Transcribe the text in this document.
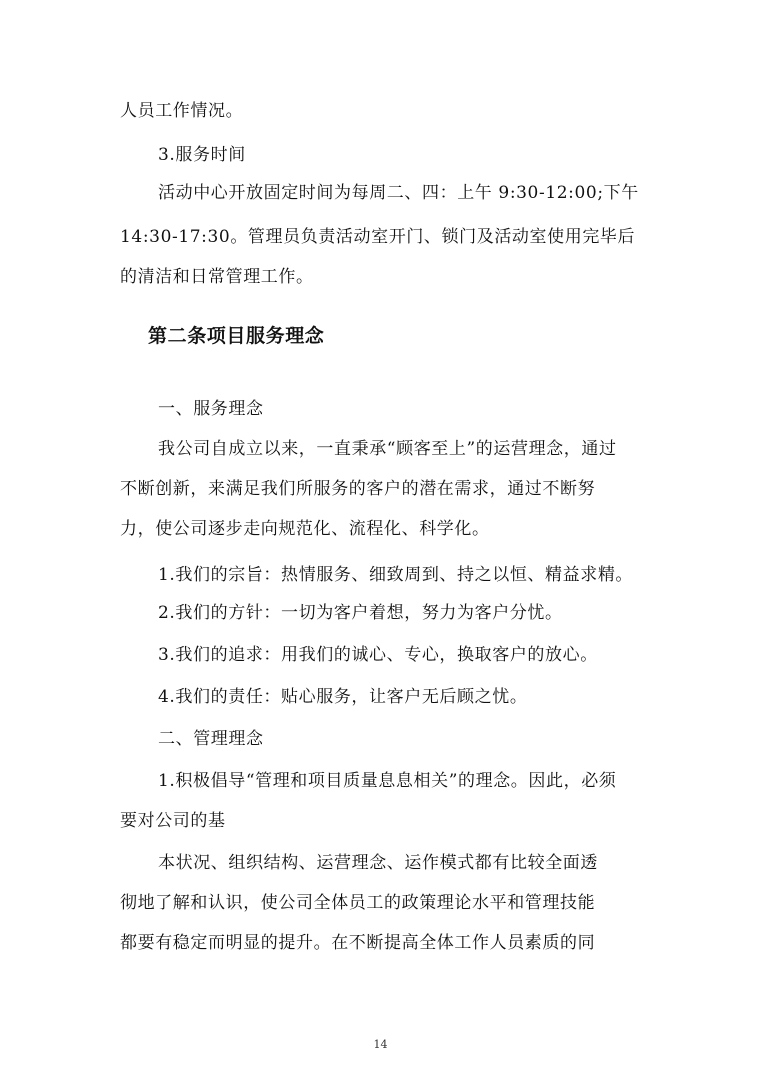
人员工作情况。
3.服务时间
活动中心开放固定时间为每周二、四：上午 9:30-12:00;下午
14:30-17:30。管理员负责活动室开门、锁门及活动室使用完毕后
的清洁和日常管理工作。
第二条项目服务理念
一、服务理念
我公司自成立以来，一直秉承“顾客至上”的运营理念，通过
不断创新，来满足我们所服务的客户的潜在需求，通过不断努
力，使公司逐步走向规范化、流程化、科学化。
1.我们的宗旨：热情服务、细致周到、持之以恒、精益求精。
2.我们的方针：一切为客户着想，努力为客户分忧。
3.我们的追求：用我们的诚心、专心，换取客户的放心。
4.我们的责任：贴心服务，让客户无后顾之忧。
二、管理理念
1.积极倡导“管理和项目质量息息相关”的理念。因此，必须
要对公司的基
本状况、组织结构、运营理念、运作模式都有比较全面透
彻地了解和认识，使公司全体员工的政策理论水平和管理技能
都要有稳定而明显的提升。在不断提高全体工作人员素质的同
14
